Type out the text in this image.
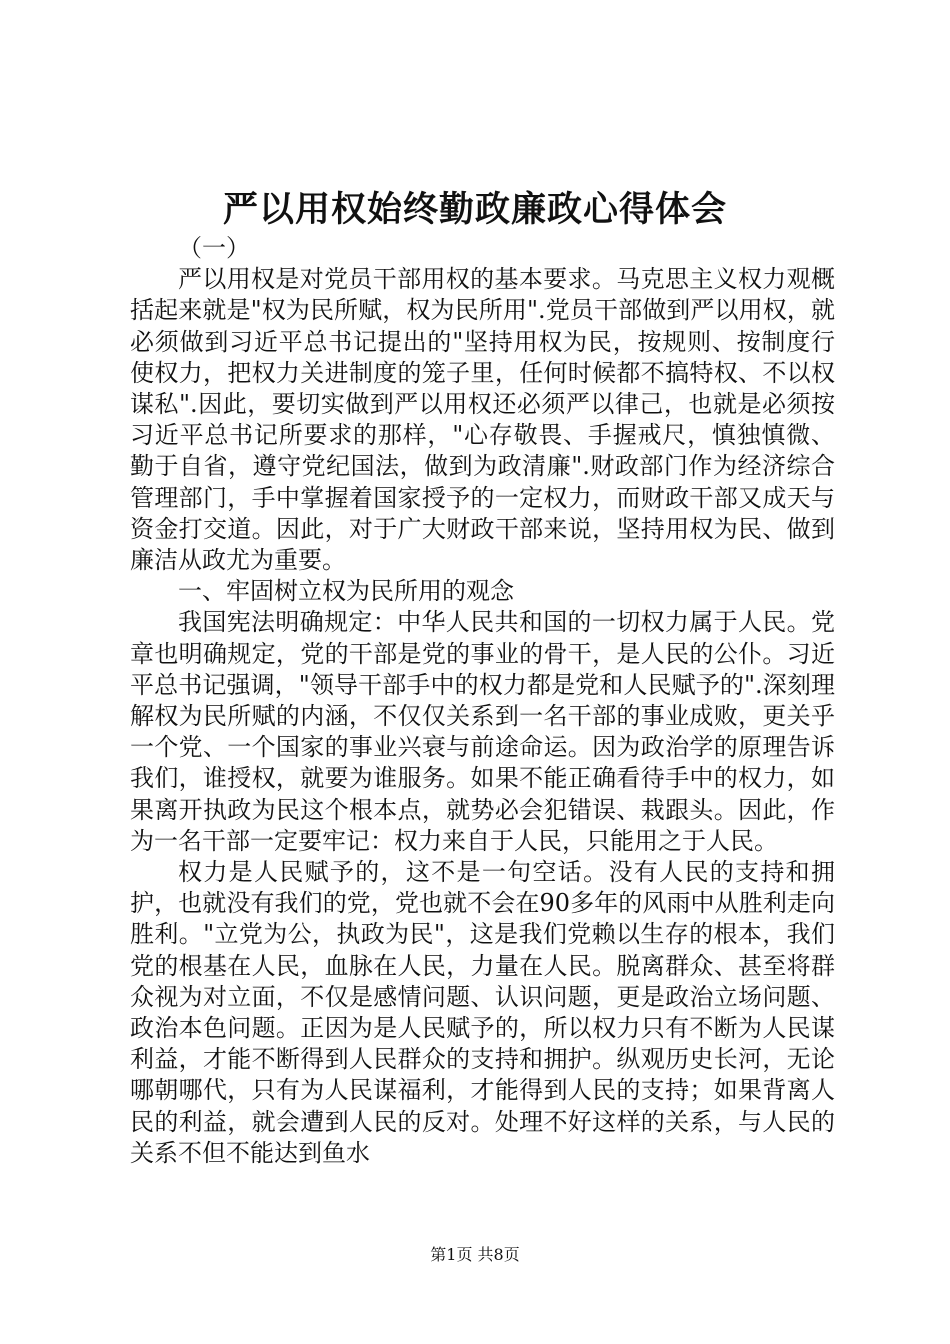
严以用权始终勤政廉政心得体会

（一）

严以用权是对党员干部用权的基本要求。马克思主义权力观概括起来就是"权为民所赋，权为民所用".党员干部做到严以用权，就必须做到习近平总书记提出的"坚持用权为民，按规则、按制度行使权力，把权力关进制度的笼子里，任何时候都不搞特权、不以权谋私".因此，要切实做到严以用权还必须严以律己，也就是必须按习近平总书记所要求的那样，"心存敬畏、手握戒尺，慎独慎微、勤于自省，遵守党纪国法，做到为政清廉".财政部门作为经济综合管理部门，手中掌握着国家授予的一定权力，而财政干部又成天与资金打交道。因此，对于广大财政干部来说，坚持用权为民、做到廉洁从政尤为重要。

一、牢固树立权为民所用的观念

我国宪法明确规定：中华人民共和国的一切权力属于人民。党章也明确规定，党的干部是党的事业的骨干，是人民的公仆。习近平总书记强调，"领导干部手中的权力都是党和人民赋予的".深刻理解权为民所赋的内涵，不仅仅关系到一名干部的事业成败，更关乎一个党、一个国家的事业兴衰与前途命运。因为政治学的原理告诉我们，谁授权，就要为谁服务。如果不能正确看待手中的权力，如果离开执政为民这个根本点，就势必会犯错误、栽跟头。因此，作为一名干部一定要牢记：权力来自于人民，只能用之于人民。

权力是人民赋予的，这不是一句空话。没有人民的支持和拥护，也就没有我们的党，党也就不会在90多年的风雨中从胜利走向胜利。"立党为公，执政为民"，这是我们党赖以生存的根本，我们党的根基在人民，血脉在人民，力量在人民。脱离群众、甚至将群众视为对立面，不仅是感情问题、认识问题，更是政治立场问题、政治本色问题。正因为是人民赋予的，所以权力只有不断为人民谋利益，才能不断得到人民群众的支持和拥护。纵观历史长河，无论哪朝哪代，只有为人民谋福利，才能得到人民的支持；如果背离人民的利益，就会遭到人民的反对。处理不好这样的关系，与人民的关系不但不能达到鱼水

第1页 共8页
